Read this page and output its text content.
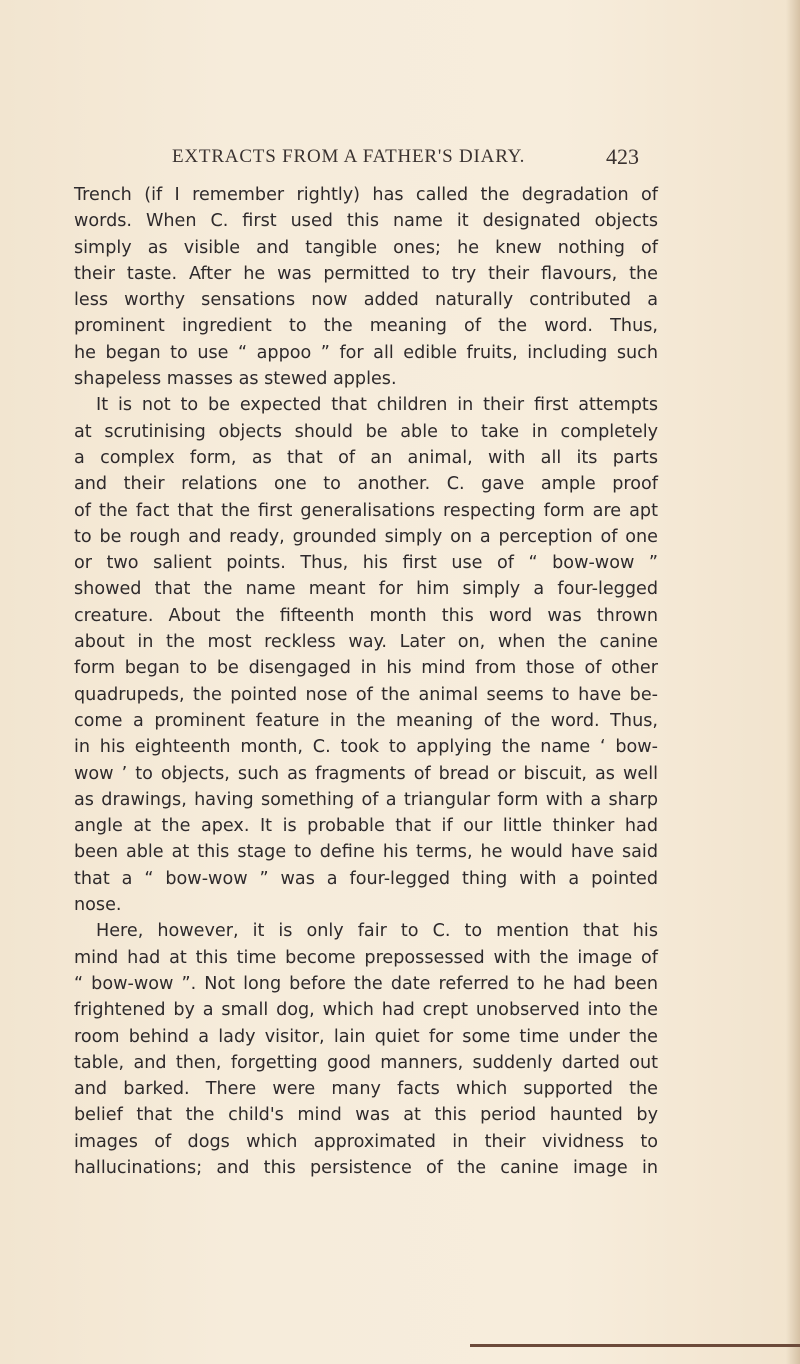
EXTRACTS FROM A FATHER'S DIARY.	423
Trench (if I remember rightly) has called the degradation of
words. When C. first used this name it designated objects
simply as visible and tangible ones; he knew nothing of
their taste. After he was permitted to try their flavours, the
less worthy sensations now added naturally contributed a
prominent ingredient to the meaning of the word. Thus,
he began to use “ appoo ” for all edible fruits, including such
shapeless masses as stewed apples.
It is not to be expected that children in their first attempts
at scrutinising objects should be able to take in completely
a complex form, as that of an animal, with all its parts
and their relations one to another. C. gave ample proof
of the fact that the first generalisations respecting form are apt
to be rough and ready, grounded simply on a perception of one
or two salient points. Thus, his first use of “ bow-wow ”
showed that the name meant for him simply a four-legged
creature. About the fifteenth month this word was thrown
about in the most reckless way. Later on, when the canine
form began to be disengaged in his mind from those of other
quadrupeds, the pointed nose of the animal seems to have be-
come a prominent feature in the meaning of the word. Thus,
in his eighteenth month, C. took to applying the name ‘ bow-
wow ’ to objects, such as fragments of bread or biscuit, as well
as drawings, having something of a triangular form with a sharp
angle at the apex. It is probable that if our little thinker had
been able at this stage to define his terms, he would have said
that a “ bow-wow ” was a four-legged thing with a pointed
nose.
Here, however, it is only fair to C. to mention that his
mind had at this time become prepossessed with the image of
“ bow-wow ”. Not long before the date referred to he had been
frightened by a small dog, which had crept unobserved into the
room behind a lady visitor, lain quiet for some time under the
table, and then, forgetting good manners, suddenly darted out
and barked. There were many facts which supported the
belief that the child's mind was at this period haunted by
images of dogs which approximated in their vividness to
hallucinations; and this persistence of the canine image in
